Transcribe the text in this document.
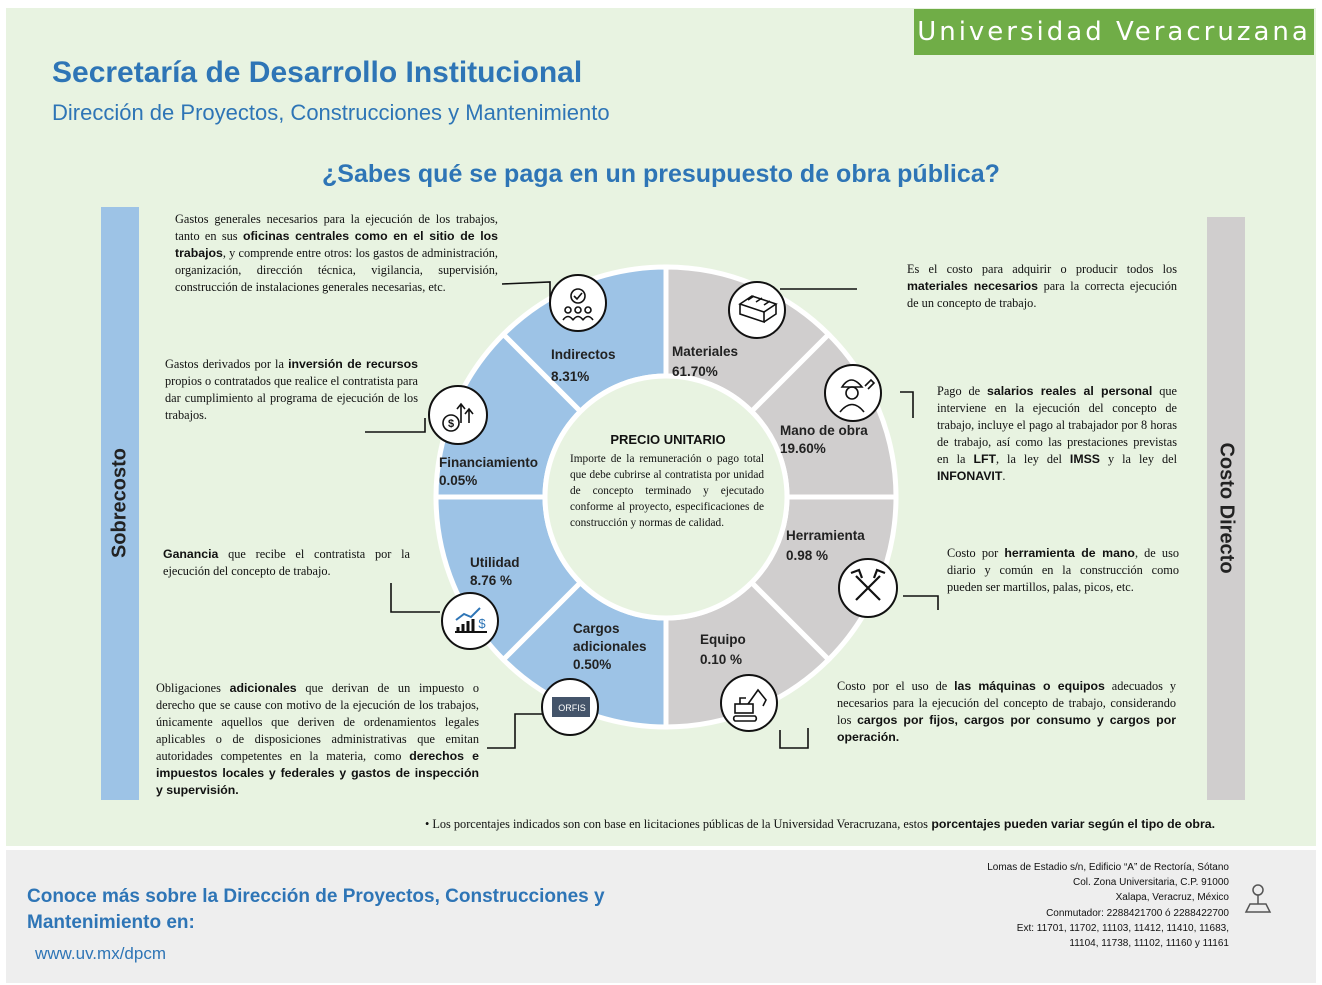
Universidad Veracruzana
Secretaría de Desarrollo Institucional
Dirección de Proyectos, Construcciones y Mantenimiento
¿Sabes qué se paga en un presupuesto de obra pública?
Sobrecosto	Costo Directo
ORFIS
$
$
Indirectos
8.31%
Materiales
61.70%
Mano de obra
19.60%
Herramienta
0.98 %
Equipo
0.10 %
Cargos
adicionales
0.50%
Utilidad
8.76 %
Financiamiento
0.05%
PRECIO UNITARIO
Importe de la remuneración o pago total que debe cubrirse al contratista por unidad de concepto terminado y ejecutado conforme al proyecto, especificaciones de construcción y normas de calidad.
Gastos generales necesarios para la ejecución de los trabajos, tanto en sus oficinas centrales como en el sitio de los trabajos, y comprende entre otros: los gastos de administración, organización, dirección técnica, vigilancia, supervisión, construcción de instalaciones generales necesarias, etc.
Gastos derivados por la inversión de recursos propios o contratados que realice el contratista para dar cumplimiento al programa de ejecución de los trabajos.
Ganancia que recibe el contratista por la ejecución del concepto de trabajo.
Obligaciones adicionales que derivan de un impuesto o derecho que se cause con motivo de la ejecución de los trabajos, únicamente aquellos que deriven de ordenamientos legales aplicables o de disposiciones administrativas que emitan autoridades competentes en la materia, como derechos e impuestos locales y federales y gastos de inspección y supervisión.
Es el costo para adquirir o producir todos los materiales necesarios para la correcta ejecución de un concepto de trabajo.
Pago de salarios reales al personal que interviene en la ejecución del concepto de trabajo, incluye el pago al trabajador por 8 horas de trabajo, así como las prestaciones previstas en la LFT, la ley del IMSS y la ley del INFONAVIT.
Costo por herramienta de mano, de uso diario y común en la construcción como pueden ser martillos, palas, picos, etc.
Costo por el uso de las máquinas o equipos adecuados y necesarios para la ejecución del concepto de trabajo, considerando los cargos por fijos, cargos por consumo y cargos por operación.
• Los porcentajes indicados son con base en licitaciones públicas de la Universidad Veracruzana, estos porcentajes pueden variar según el tipo de obra.
Conoce más sobre la Dirección de Proyectos, Construcciones y
Mantenimiento en:
www.uv.mx/dpcm
Lomas de Estadio s/n, Edificio “A” de Rectoría, Sótano
Col. Zona Universitaria, C.P. 91000
Xalapa, Veracruz, México
Conmutador: 2288421700 ó 2288422700
Ext: 11701, 11702, 11103, 11412, 11410, 11683,
11104, 11738, 11102, 11160 y 11161
